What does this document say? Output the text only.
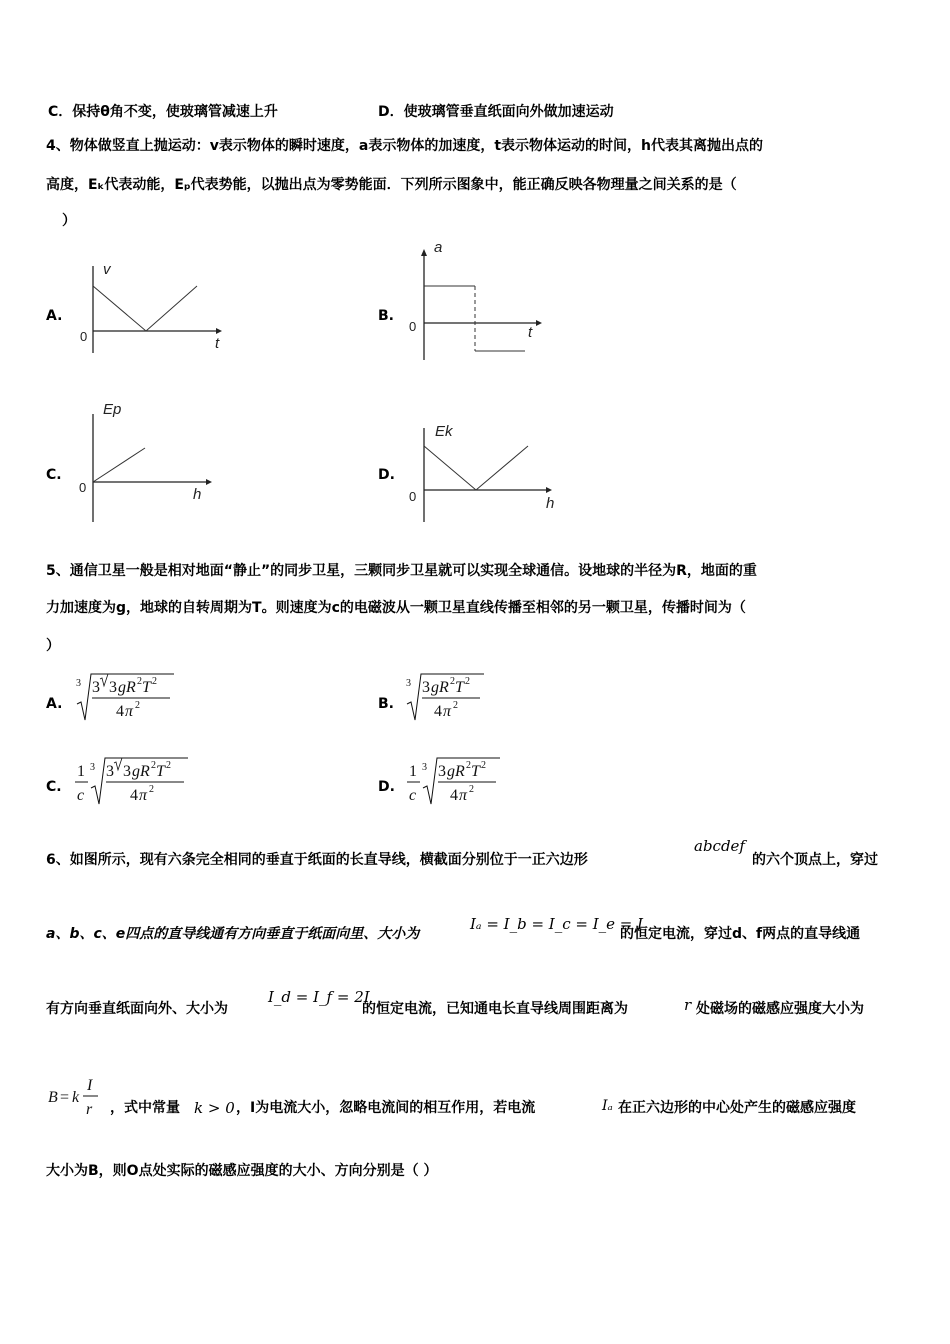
C．保持θ角不变，使玻璃管减速上升	D．使玻璃管垂直纸面向外做加速运动
4、物体做竖直上抛运动：v表示物体的瞬时速度，a表示物体的加速度，t表示物体运动的时间，h代表其离抛出点的
高度，Eₖ代表动能，Eₚ代表势能，以抛出点为零势能面．下列所示图象中，能正确反映各物理量之间关系的是（
）
A.
v
t
0
B.
a
t
0
C.
Ep
h
0
D.
Ek
h
0
5、通信卫星一般是相对地面“静止”的同步卫星，三颗同步卫星就可以实现全球通信。设地球的半径为R，地面的重
力加速度为g，地球的自转周期为T。则速度为c的电磁波从一颗卫星直线传播至相邻的另一颗卫星，传播时间为（
）
A.
3 3 3 gR 2 T 2
4 π 2	B.
3 3 gR 2 T 2
4 π 2
C.
1
c
3 3 3 gR 2 T 2
4 π 2	D.
1
c
3 3 gR 2 T 2
4 π 2
6、如图所示，现有六条完全相同的垂直于纸面的长直导线，横截面分别位于一正六边形
abcdef
的六个顶点上，穿过
a、b、c、e四点的直导线通有方向垂直于纸面向里、大小为
Iₐ = I_b = I_c = I_e = I
的恒定电流，穿过d、f两点的直导线通
有方向垂直纸面向外、大小为
I_d = I_f = 2I
的恒定电流，已知通电长直导线周围距离为	r 处磁场的磁感应强度大小为
B = k
I
r ，式中常量 k > 0 ，I为电流大小，忽略电流间的相互作用，若电流	Iₐ 在正六边形的中心处产生的磁感应强度
大小为B，则O点处实际的磁感应强度的大小、方向分别是（ ）
